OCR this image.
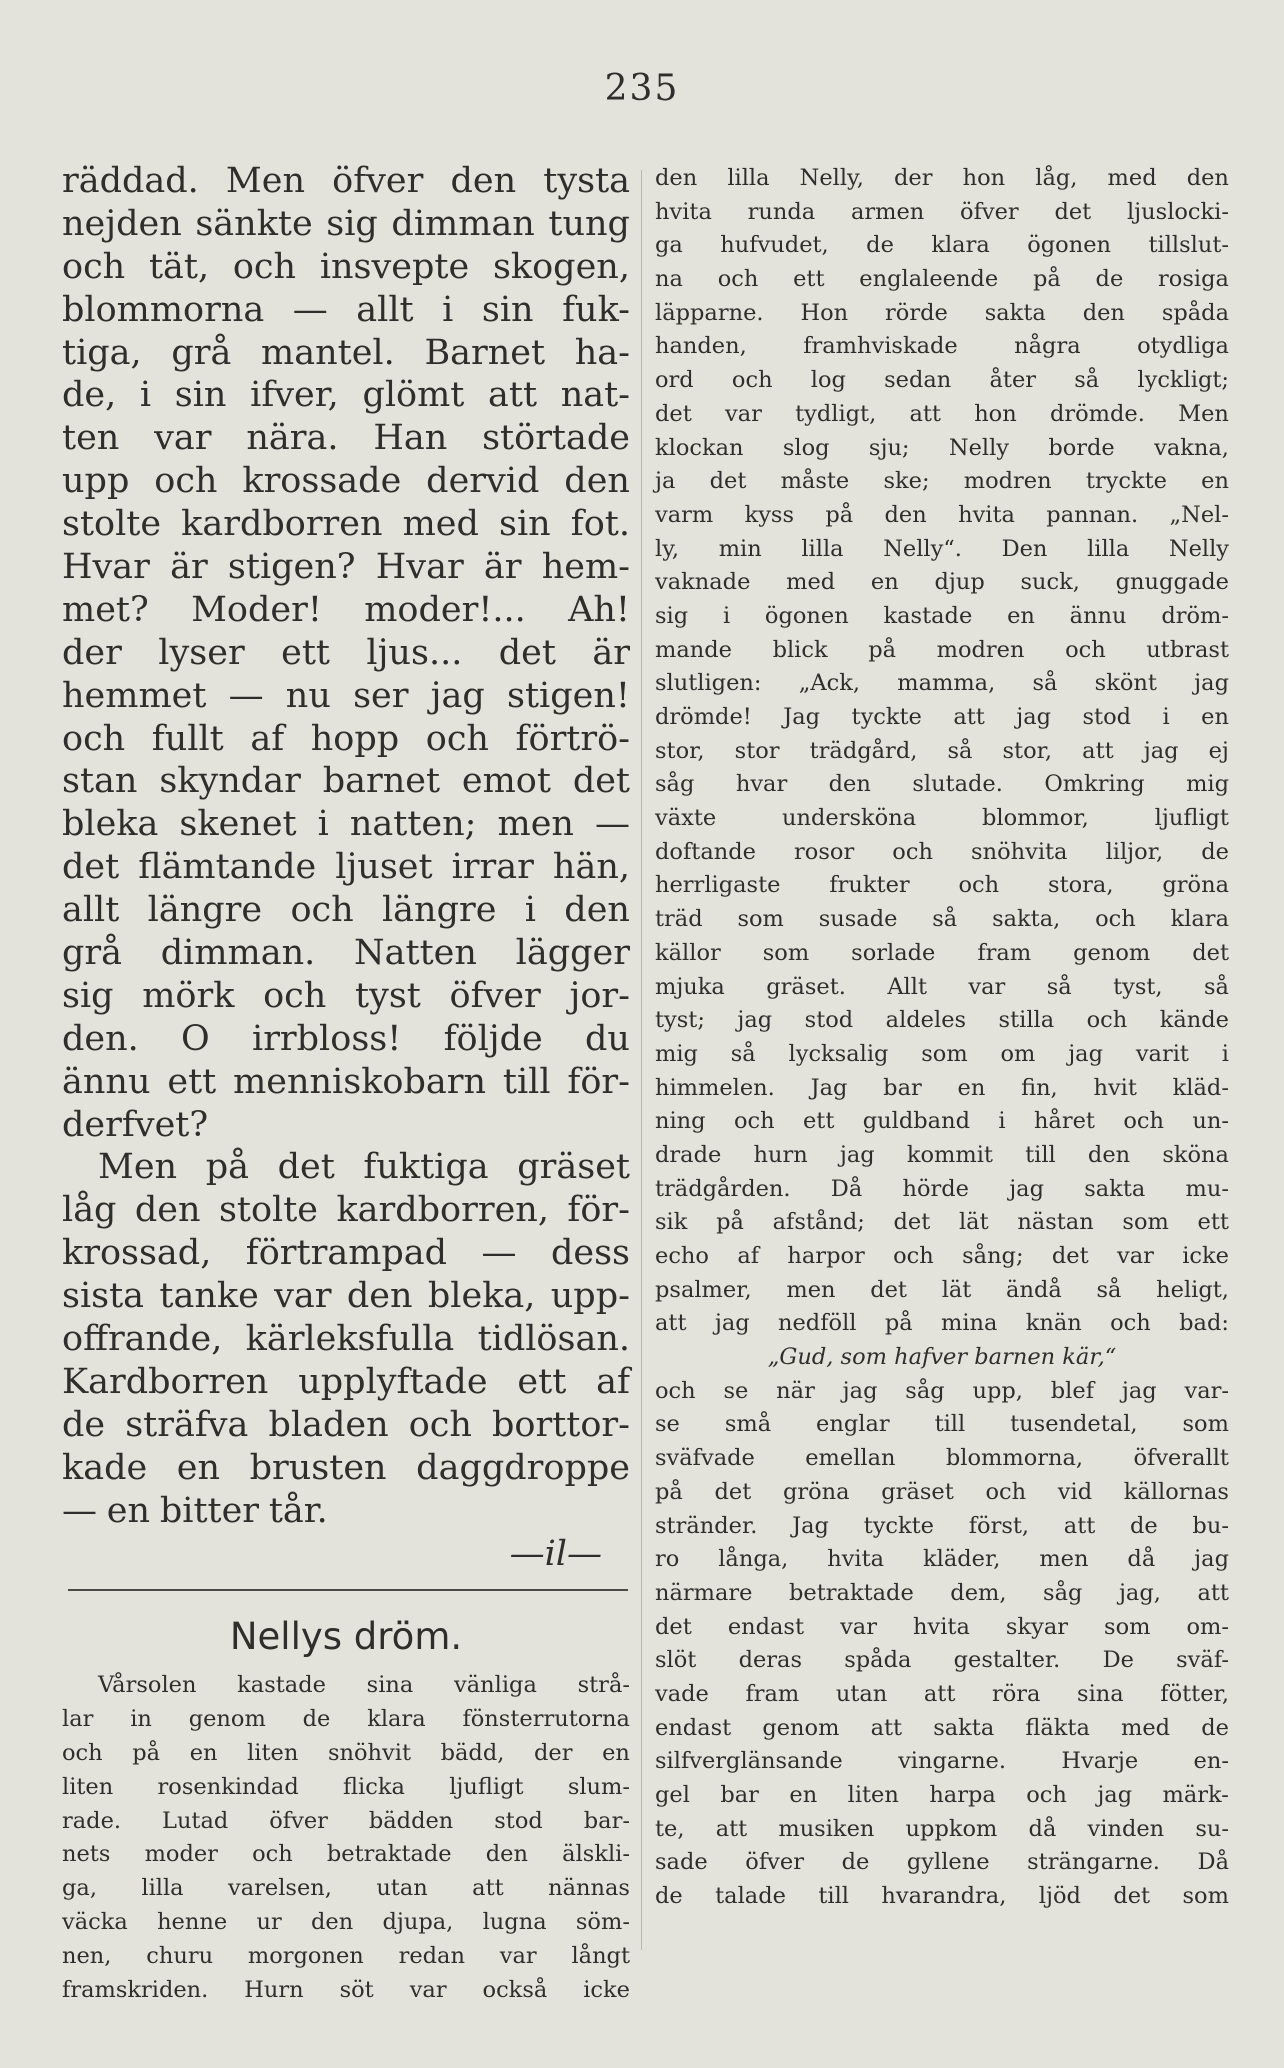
235
räddad. Men öfver den tysta
nejden sänkte sig dimman tung
och tät, och insvepte skogen,
blommorna — allt i sin fuk-
tiga, grå mantel. Barnet ha-
de, i sin ifver, glömt att nat-
ten var nära. Han störtade
upp och krossade dervid den
stolte kardborren med sin fot.
Hvar är stigen? Hvar är hem-
met? Moder! moder!... Ah!
der lyser ett ljus... det är
hemmet — nu ser jag stigen!
och fullt af hopp och förtrö-
stan skyndar barnet emot det
bleka skenet i natten; men —
det flämtande ljuset irrar hän,
allt längre och längre i den
grå dimman. Natten lägger
sig mörk och tyst öfver jor-
den. O irrbloss! följde du
ännu ett menniskobarn till för-
derfvet?
Men på det fuktiga gräset
låg den stolte kardborren, för-
krossad, förtrampad — dess
sista tanke var den bleka, upp-
offrande, kärleksfulla tidlösan.
Kardborren upplyftade ett af
de sträfva bladen och borttor-
kade en brusten daggdroppe
— en bitter tår.
—il—
Nellys dröm.
Vårsolen kastade sina vänliga strå-
lar in genom de klara fönsterrutorna
och på en liten snöhvit bädd, der en
liten rosenkindad flicka ljufligt slum-
rade. Lutad öfver bädden stod bar-
nets moder och betraktade den älskli-
ga, lilla varelsen, utan att nännas
väcka henne ur den djupa, lugna söm-
nen, churu morgonen redan var långt
framskriden. Hurn söt var också icke
den lilla Nelly, der hon låg, med den
hvita runda armen öfver det ljuslocki-
ga hufvudet, de klara ögonen tillslut-
na och ett englaleende på de rosiga
läpparne. Hon rörde sakta den spåda
handen,	framhviskade	några	otydliga
ord och log sedan åter så lyckligt;
det var tydligt, att hon drömde. Men
klockan slog sju; Nelly borde vakna,
ja det måste ske; modren tryckte en
varm kyss på den hvita pannan. „Nel-
ly, min lilla Nelly“. Den lilla Nelly
vaknade med en djup suck, gnuggade
sig i ögonen kastade en ännu dröm-
mande blick på modren och utbrast
slutligen: „Ack, mamma, så skönt jag
drömde! Jag tyckte att jag stod i en
stor, stor trädgård, så stor, att jag ej
såg hvar den slutade. Omkring mig
växte	undersköna	blommor,	ljufligt
doftande rosor och snöhvita liljor, de
herrligaste frukter och stora, gröna
träd som susade så sakta, och klara
källor som sorlade fram genom det
mjuka gräset. Allt var så tyst, så
tyst; jag stod aldeles stilla och kände
mig så lycksalig som om jag varit i
himmelen. Jag bar en fin, hvit kläd-
ning och ett guldband i håret och un-
drade hurn jag kommit till den sköna
trädgården. Då hörde jag sakta mu-
sik på afstånd; det lät nästan som ett
echo af harpor och sång; det var icke
psalmer, men det lät ändå så heligt,
att jag nedföll på mina knän och bad:
„Gud, som hafver barnen kär,“
och se när jag såg upp, blef jag var-
se små englar till tusendetal, som
sväfvade emellan blommorna, öfverallt
på det gröna gräset och vid källornas
stränder. Jag tyckte först, att de bu-
ro långa, hvita kläder, men då jag
närmare betraktade dem, såg jag, att
det endast var hvita skyar som om-
slöt deras spåda gestalter. De sväf-
vade fram utan att röra sina fötter,
endast genom att sakta fläkta med de
silfverglänsande vingarne. Hvarje en-
gel bar en liten harpa och jag märk-
te, att musiken uppkom då vinden su-
sade öfver de gyllene strängarne. Då
de talade till hvarandra, ljöd det som
